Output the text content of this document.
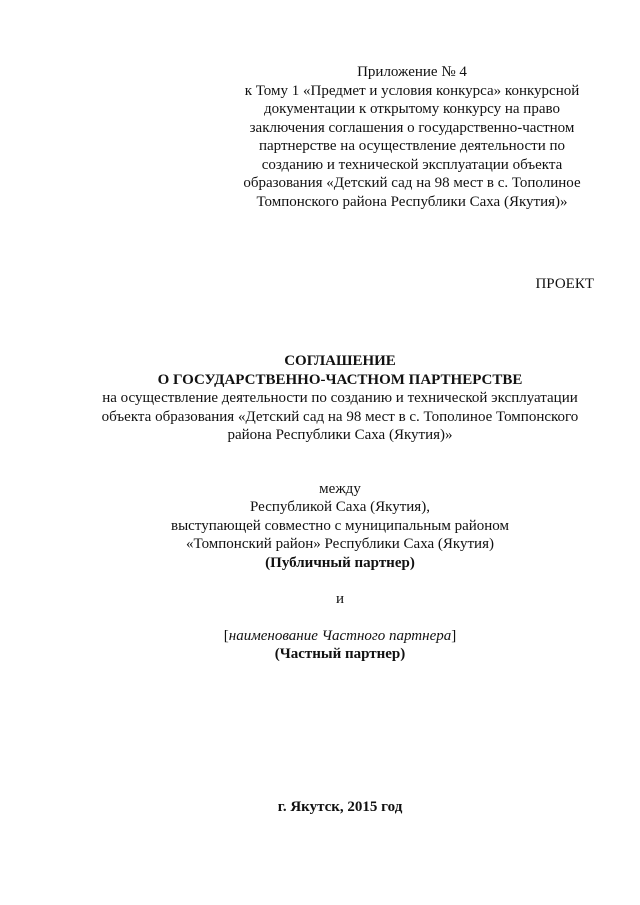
Приложение № 4
к Тому 1 «Предмет и условия конкурса» конкурсной
документации к открытому конкурсу на право
заключения соглашения о государственно-частном
партнерстве на осуществление деятельности по
созданию и технической эксплуатации объекта
образования «Детский сад на 98 мест в с. Тополиное
Томпонского района Республики Саха (Якутия)»
ПРОЕКТ
СОГЛАШЕНИЕ
О ГОСУДАРСТВЕННО-ЧАСТНОМ ПАРТНЕРСТВЕ
на осуществление деятельности по созданию и технической эксплуатации
объекта образования «Детский сад на 98 мест в с. Тополиное Томпонского
района Республики Саха (Якутия)»
между
Республикой Саха (Якутия),
выступающей совместно с муниципальным районом
«Томпонский район» Республики Саха (Якутия)
(Публичный партнер)
и
[наименование Частного партнера]
(Частный партнер)
г. Якутск, 2015 год
